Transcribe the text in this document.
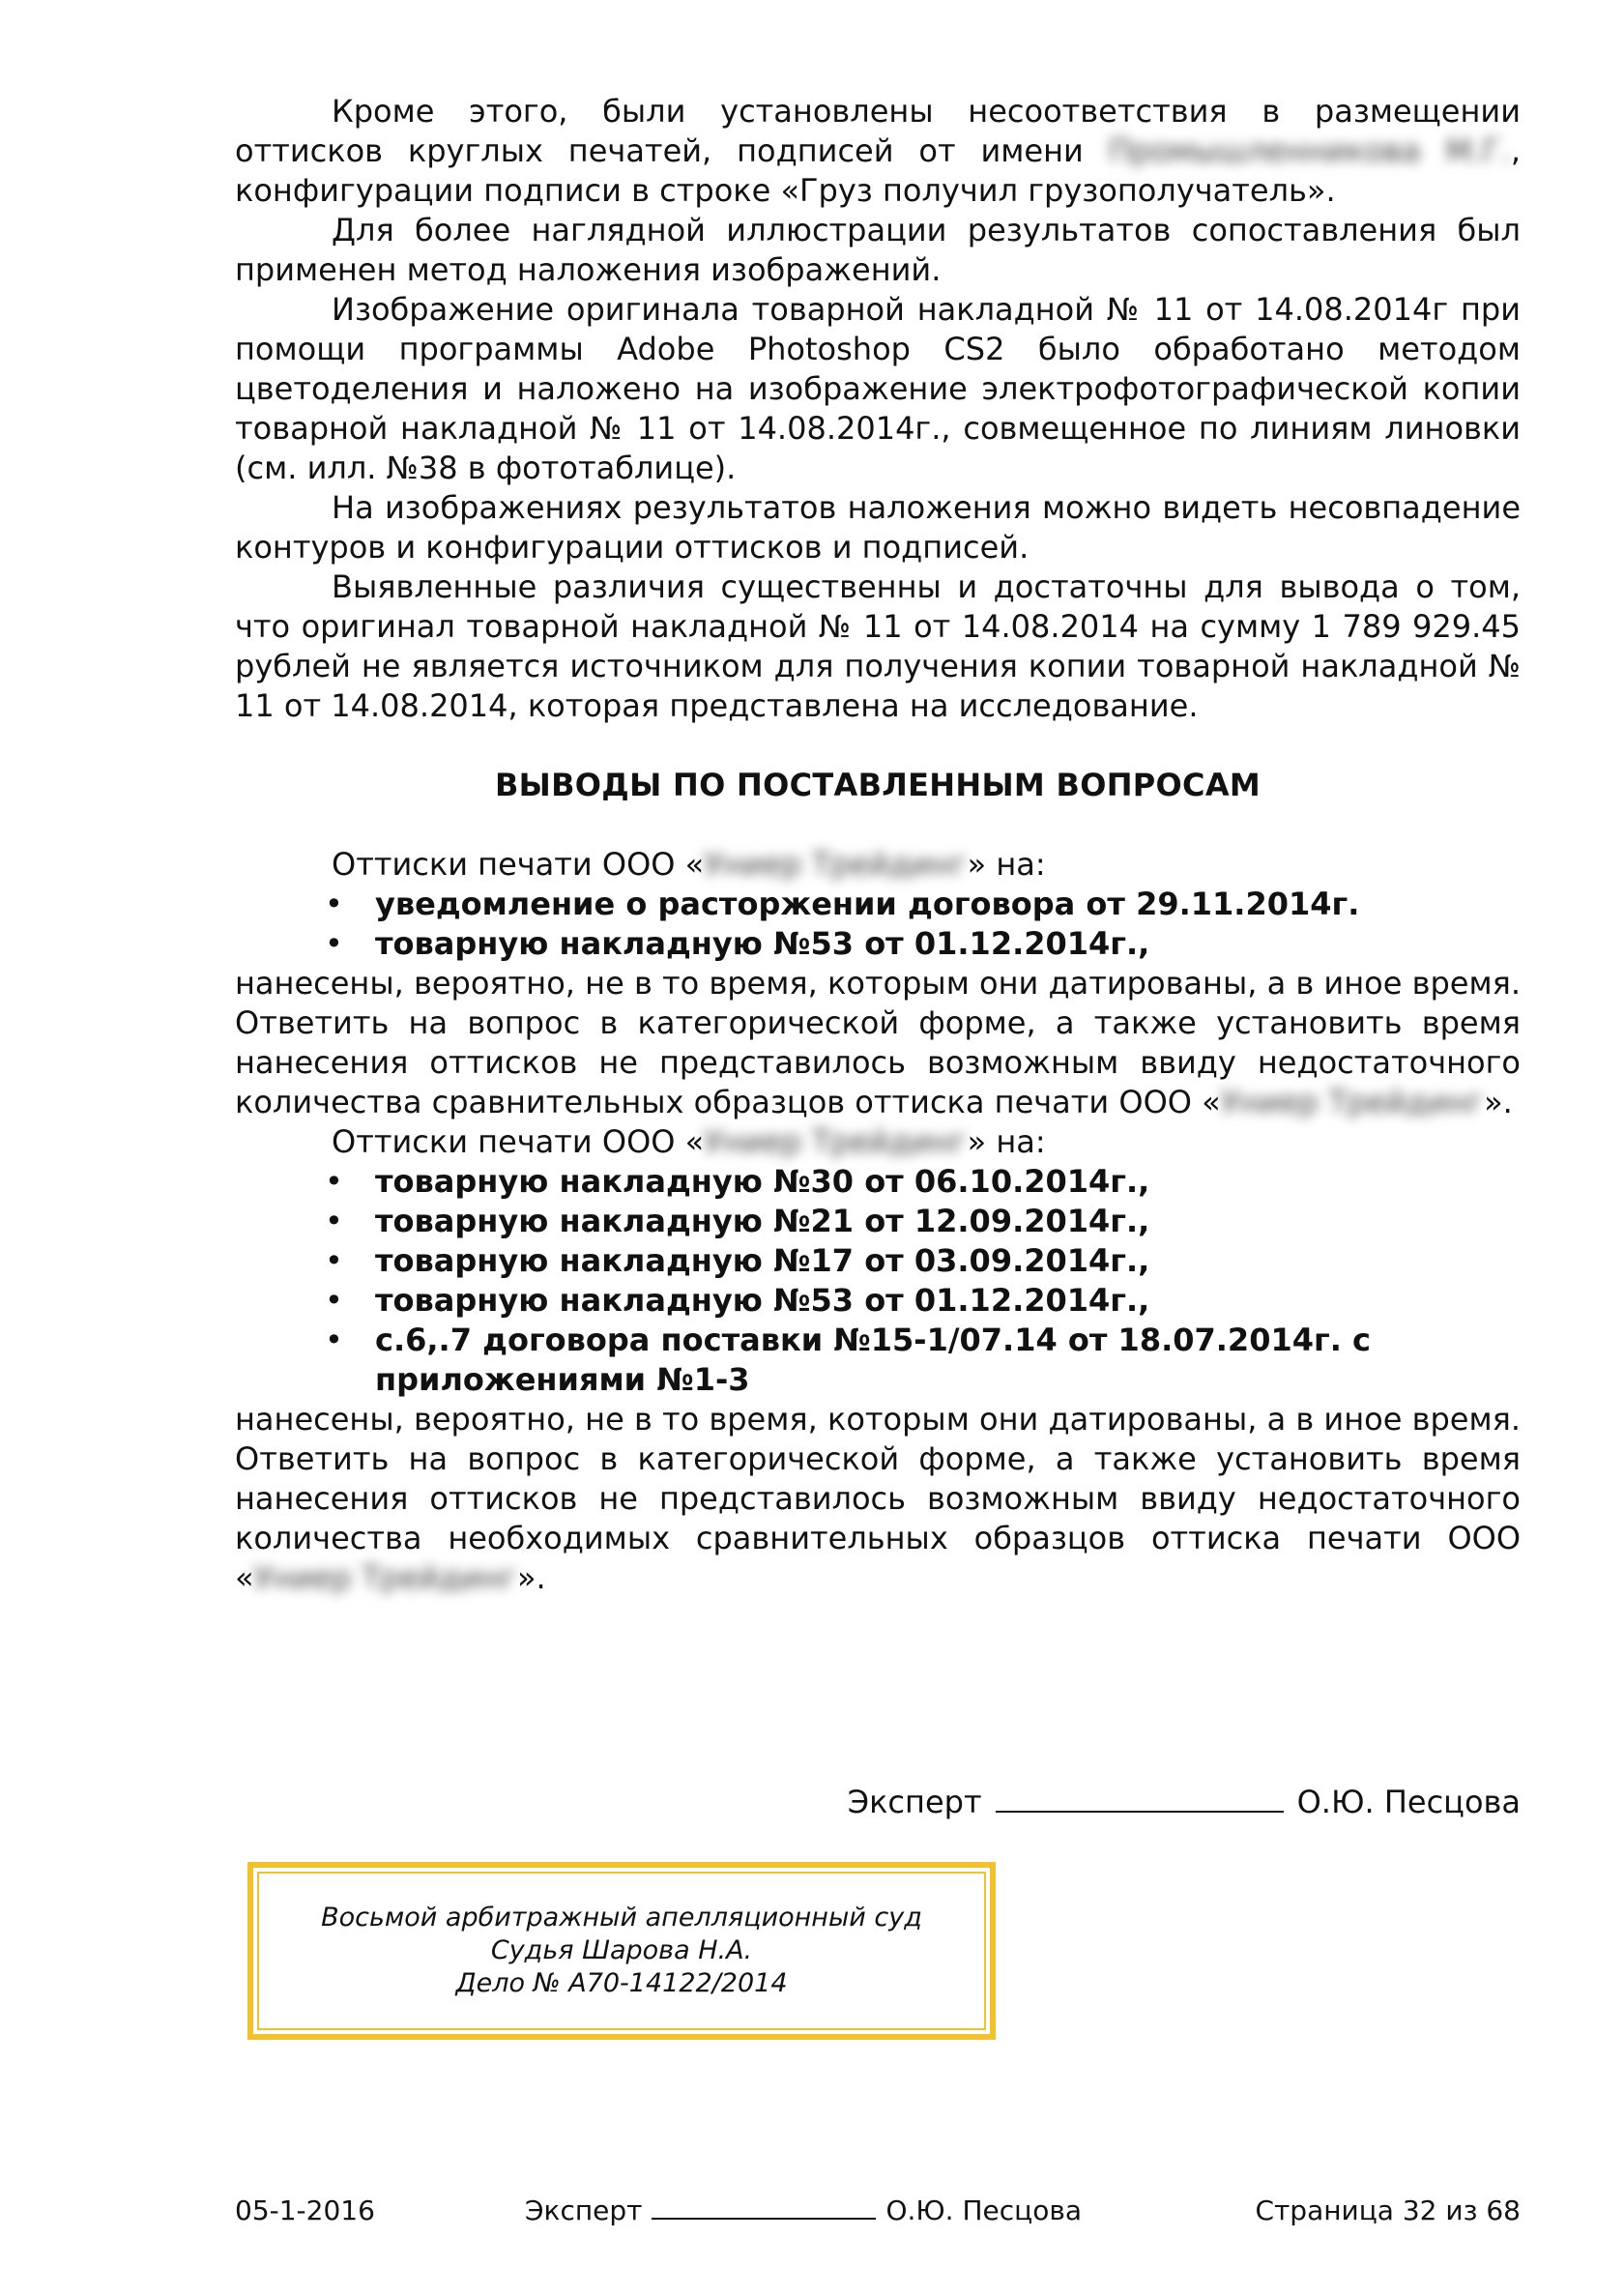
Кроме этого, были установлены несоответствия в размещении оттисков круглых печатей, подписей от имени Промышленникова М.Г., конфигурации подписи в строке «Груз получил грузополучатель».

Для более наглядной иллюстрации результатов сопоставления был применен метод наложения изображений.

Изображение оригинала товарной накладной № 11 от 14.08.2014г при помощи программы Adobe Photoshop CS2 было обработано методом цветоделения и наложено на изображение электрофотографической копии товарной накладной № 11 от 14.08.2014г., совмещенное по линиям линовки (см. илл. №38 в фототаблице).

На изображениях результатов наложения можно видеть несовпадение контуров и конфигурации оттисков и подписей.

Выявленные различия существенны и достаточны для вывода о том, что оригинал товарной накладной № 11 от 14.08.2014 на сумму 1 789 929.45 рублей не является источником для получения копии товарной накладной № 11 от 14.08.2014, которая представлена на исследование.

ВЫВОДЫ ПО ПОСТАВЛЕННЫМ ВОПРОСАМ

Оттиски печати ООО «Униер Трейдинг» на:

• уведомление о расторжении договора от 29.11.2014г.
• товарную накладную №53 от 01.12.2014г.,

нанесены, вероятно, не в то время, которым они датированы, а в иное время. Ответить на вопрос в категорической форме, а также установить время нанесения оттисков не представилось возможным ввиду недостаточного количества сравнительных образцов оттиска печати ООО «Униер Трейдинг».

Оттиски печати ООО «Униер Трейдинг» на:

• товарную накладную №30 от 06.10.2014г.,
• товарную накладную №21 от 12.09.2014г.,
• товарную накладную №17 от 03.09.2014г.,
• товарную накладную №53 от 01.12.2014г.,
• с.6,.7 договора поставки №15-1/07.14 от 18.07.2014г. с приложениями №1-3

нанесены, вероятно, не в то время, которым они датированы, а в иное время. Ответить на вопрос в категорической форме, а также установить время нанесения оттисков не представилось возможным ввиду недостаточного количества необходимых сравнительных образцов оттиска печати ООО «Униер Трейдинг».

Эксперт	О.Ю. Песцова
Восьмой арбитражный апелляционный суд
Судья Шарова Н.А.
Дело № А70-14122/2014
05-1-2016	Эксперт	О.Ю. Песцова	Страница 32 из 68
